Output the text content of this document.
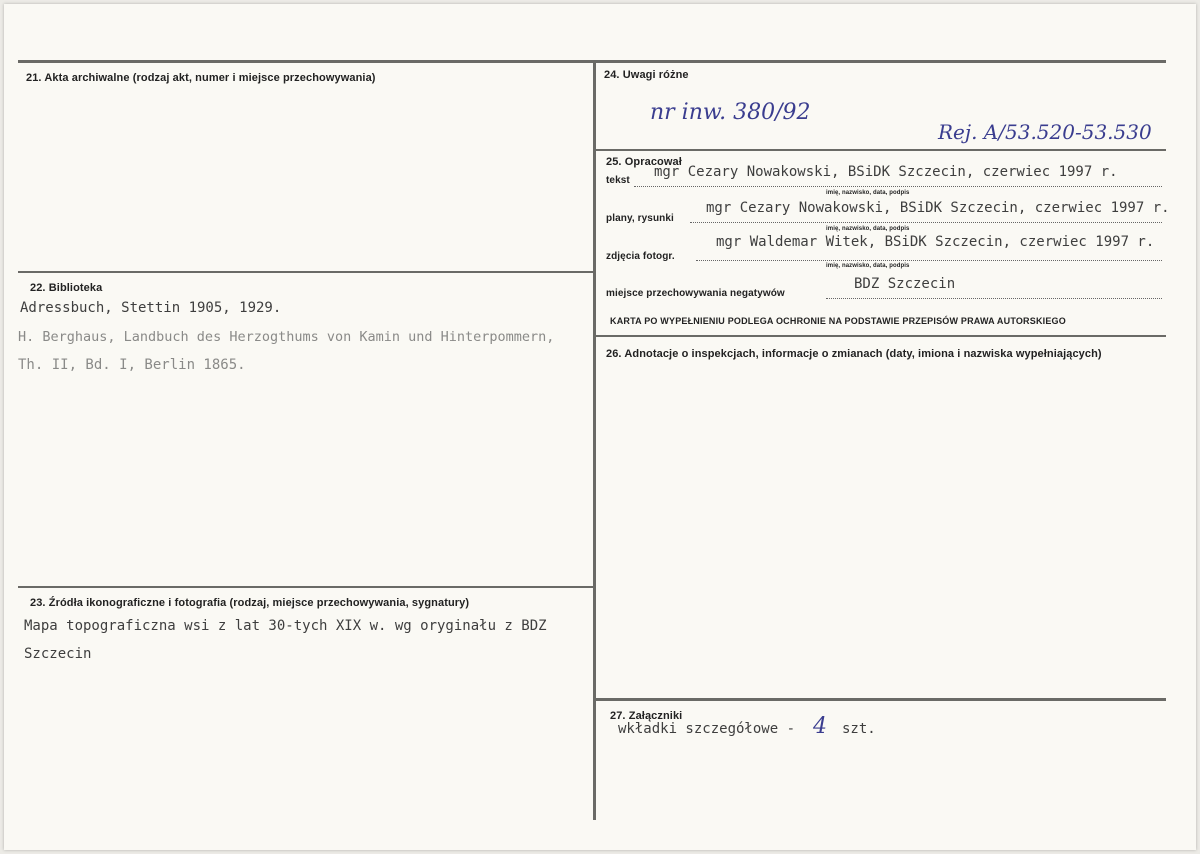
21. Akta archiwalne (rodzaj akt, numer i miejsce przechowywania)
22. Biblioteka
Adressbuch, Stettin 1905, 1929.
H. Berghaus, Landbuch des Herzogthums von Kamin und Hinterpommern,
Th. II, Bd. I, Berlin 1865.
23. Źródła ikonograficzne i fotografia (rodzaj, miejsce przechowywania, sygnatury)
Mapa topograficzna wsi z lat 30-tych XIX w. wg oryginału z BDZ
Szczecin
24. Uwagi różne
nr inw. 380/92
Rej. A/53.520-53.530
25. Opracował
tekst
mgr Cezary Nowakowski, BSiDK Szczecin, czerwiec 1997 r.
imię, nazwisko, data, podpis
plany, rysunki
mgr Cezary Nowakowski, BSiDK Szczecin, czerwiec 1997 r.
imię, nazwisko, data, podpis
zdjęcia fotogr.
mgr Waldemar Witek, BSiDK Szczecin, czerwiec 1997 r.
imię, nazwisko, data, podpis
miejsce przechowywania negatywów
BDZ Szczecin
KARTA PO WYPEŁNIENIU PODLEGA OCHRONIE NA PODSTAWIE PRZEPISÓW PRAWA AUTORSKIEGO
26. Adnotacje o inspekcjach, informacje o zmianach (daty, imiona i nazwiska wypełniających)
27. Załączniki
wkładki szczegółowe - 4 szt.
